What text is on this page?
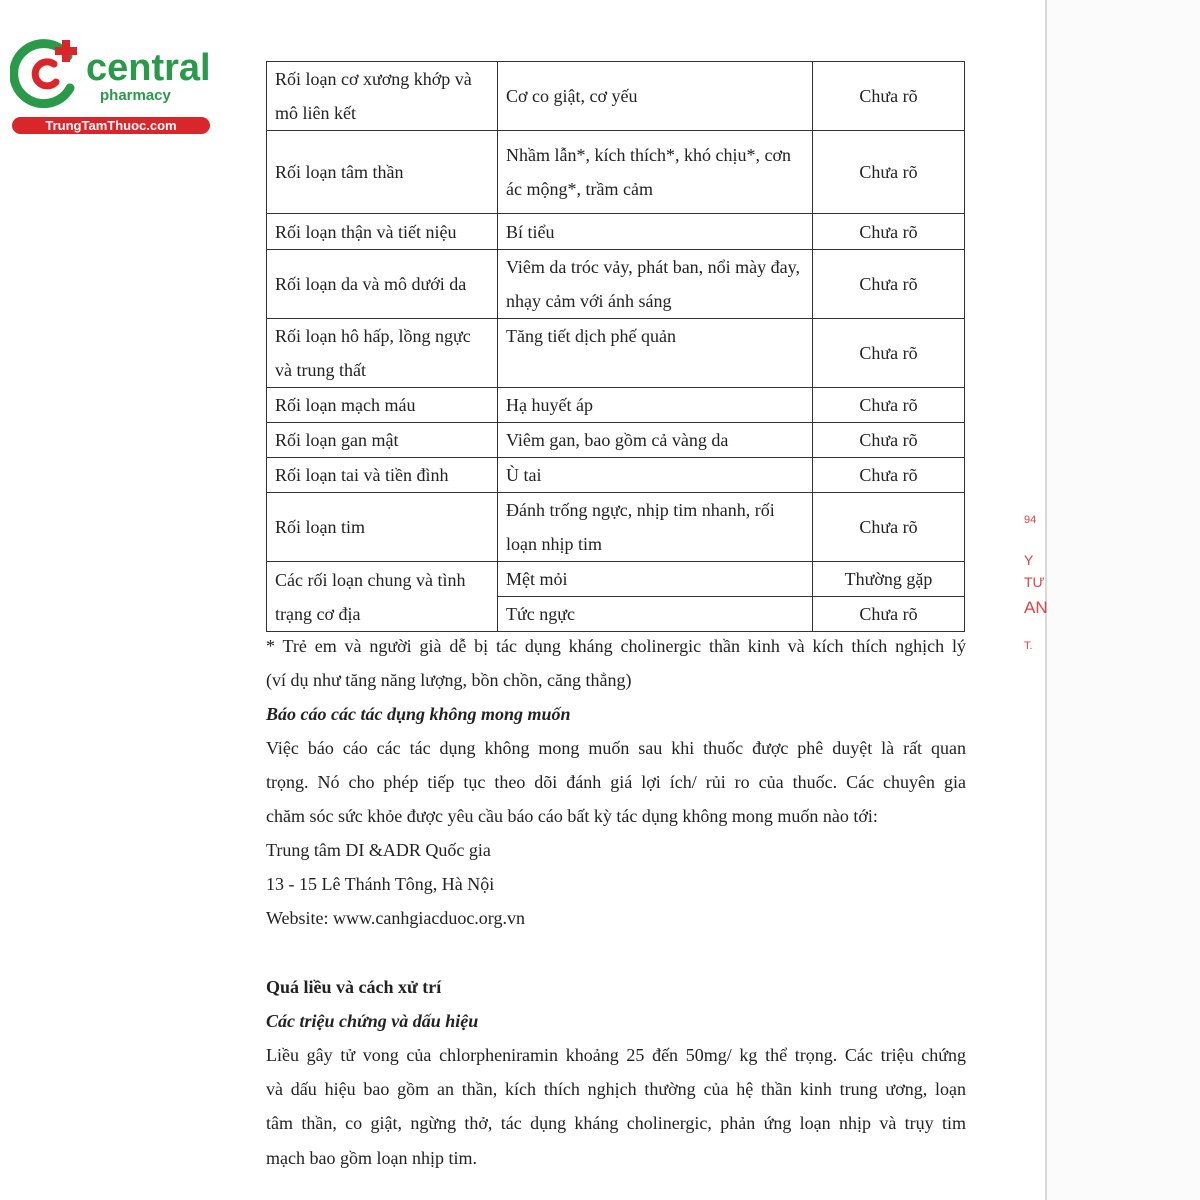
central
pharmacy
TrungTamThuoc.com
Rối loạn cơ xương khớp và mô liên kết	Cơ co giật, cơ yếu	Chưa rõ
Rối loạn tâm thần	Nhầm lẫn*, kích thích*, khó chịu*, cơn ác mộng*, trầm cảm	Chưa rõ
Rối loạn thận và tiết niệu	Bí tiểu	Chưa rõ
Rối loạn da và mô dưới da	Viêm da tróc vảy, phát ban, nổi mày đay, nhạy cảm với ánh sáng	Chưa rõ
Rối loạn hô hấp, lồng ngực và trung thất	Tăng tiết dịch phế quản	Chưa rõ
Rối loạn mạch máu	Hạ huyết áp	Chưa rõ
Rối loạn gan mật	Viêm gan, bao gồm cả vàng da	Chưa rõ
Rối loạn tai và tiền đình	Ù tai	Chưa rõ
Rối loạn tim	Đánh trống ngực, nhịp tim nhanh, rối loạn nhịp tim	Chưa rõ
Các rối loạn chung và tình trạng cơ địa	Mệt mỏi	Thường gặp
	Tức ngực	Chưa rõ
* Trẻ em và người già dễ bị tác dụng kháng cholinergic thần kinh và kích thích nghịch lý
(ví dụ như tăng năng lượng, bồn chồn, căng thẳng)
Báo cáo các tác dụng không mong muốn
Việc báo cáo các tác dụng không mong muốn sau khi thuốc được phê duyệt là rất quan
trọng. Nó cho phép tiếp tục theo dõi đánh giá lợi ích/ rủi ro của thuốc. Các chuyên gia
chăm sóc sức khỏe được yêu cầu báo cáo bất kỳ tác dụng không mong muốn nào tới:
Trung tâm DI &ADR Quốc gia
13 - 15 Lê Thánh Tông, Hà Nội
Website: www.canhgiacduoc.org.vn
Quá liều và cách xử trí
Các triệu chứng và dấu hiệu
Liều gây tử vong của chlorpheniramin khoảng 25 đến 50mg/ kg thể trọng. Các triệu chứng
và dấu hiệu bao gồm an thần, kích thích nghịch thường của hệ thần kinh trung ương, loạn
tâm thần, co giật, ngừng thở, tác dụng kháng cholinergic, phản ứng loạn nhịp và trụy tim
mạch bao gồm loạn nhịp tim.
94
Y
TƯ
AN
T.
